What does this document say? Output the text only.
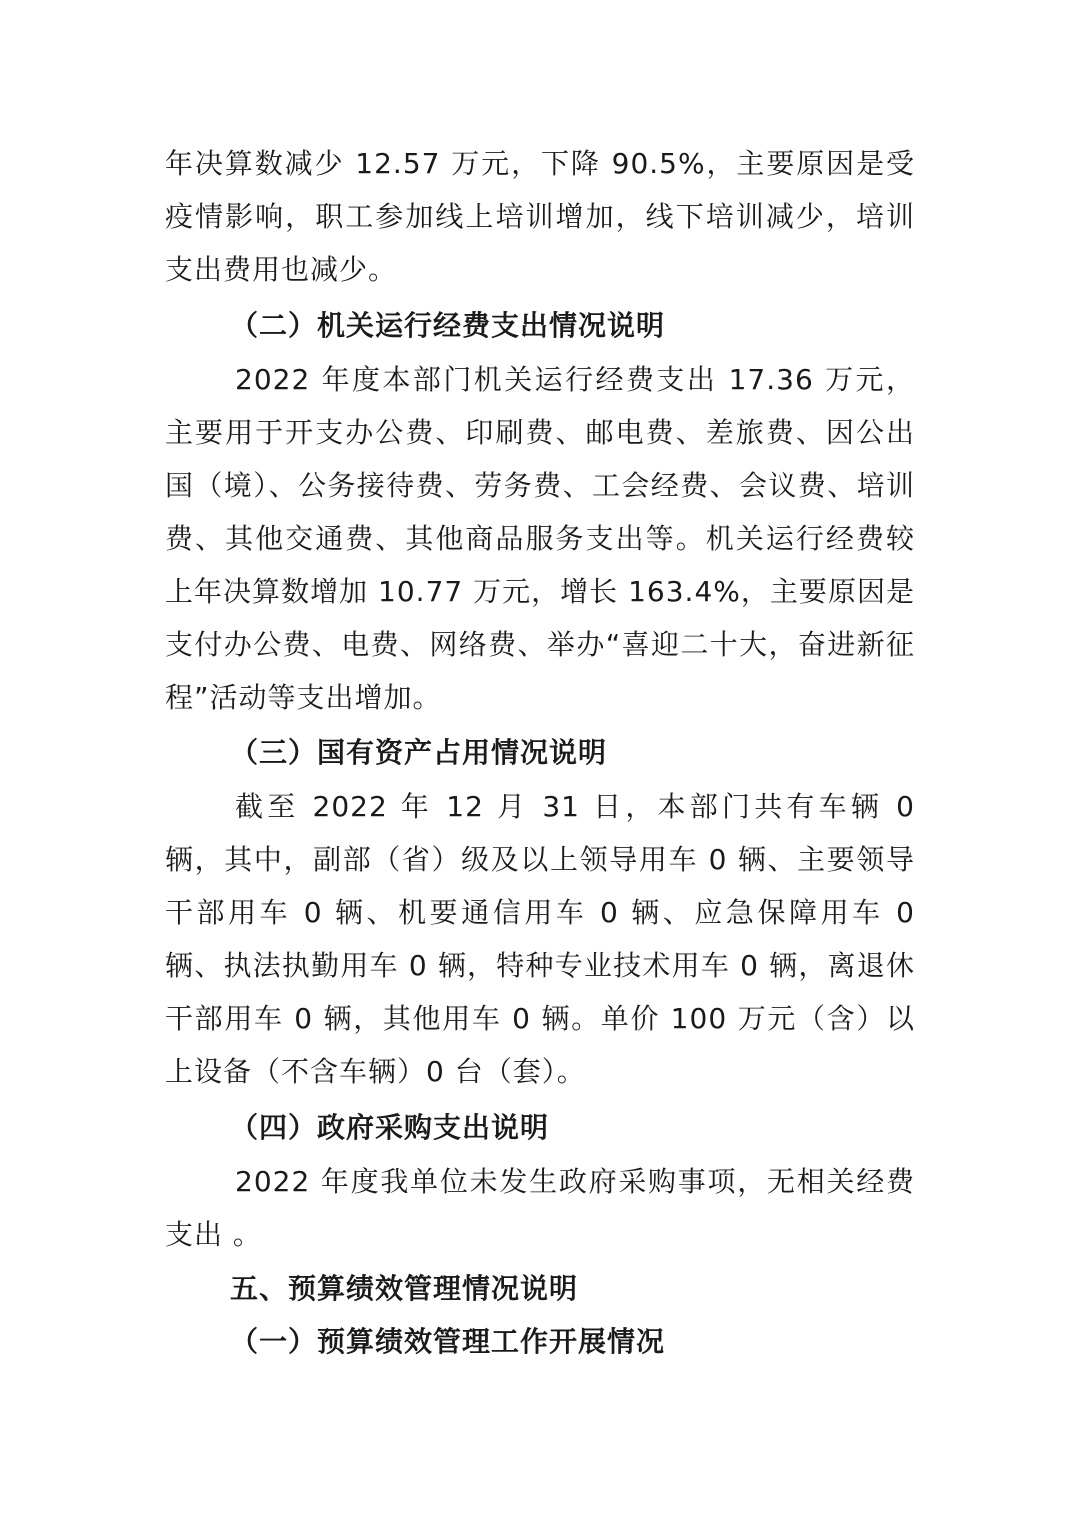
年决算数减少 12.57 万元，下降 90.5%，主要原因是受疫情影响，职工参加线上培训增加，线下培训减少，培训支出费用也减少。

（二）机关运行经费支出情况说明

2022 年度本部门机关运行经费支出 17.36 万元，主要用于开支办公费、印刷费、邮电费、差旅费、因公出国（境）、公务接待费、劳务费、工会经费、会议费、培训费、其他交通费、其他商品服务支出等。机关运行经费较上年决算数增加 10.77 万元，增长 163.4%，主要原因是支付办公费、电费、网络费、举办“喜迎二十大，奋进新征程”活动等支出增加。

（三）国有资产占用情况说明

截至 2022 年 12 月 31 日，本部门共有车辆 0 辆，其中，副部（省）级及以上领导用车 0 辆、主要领导干部用车 0 辆、机要通信用车 0 辆、应急保障用车 0 辆、执法执勤用车 0 辆，特种专业技术用车 0 辆，离退休干部用车 0 辆，其他用车 0 辆。单价 100 万元（含）以上设备（不含车辆）0 台（套）。

（四）政府采购支出说明

2022 年度我单位未发生政府采购事项，无相关经费支出 。

五、预算绩效管理情况说明
（一）预算绩效管理工作开展情况
